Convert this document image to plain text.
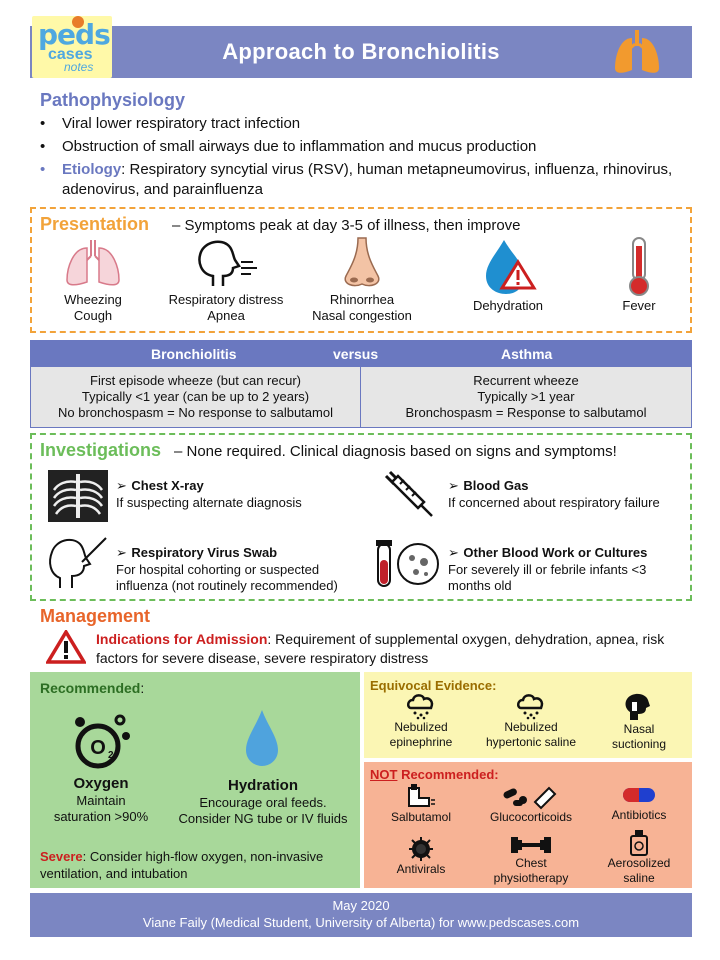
Approach to Bronchiolitis
peds
cases
notes
Pathophysiology
• Viral lower respiratory tract infection
• Obstruction of small airways due to inflammation and mucus production
•	Etiology: Respiratory syncytial virus (RSV), human metapneumovirus, influenza, rhinovirus, adenovirus, and parainfluenza
Presentation – Symptoms peak at day 3-5 of illness, then improve
Wheezing
Cough
Respiratory distress
Apnea
Rhinorrhea
Nasal congestion
Dehydration	Fever
Bronchiolitis	versus	Asthma
First episode wheeze (but can recur)
Typically <1 year (can be up to 2 years)
No bronchospasm = No response to salbutamol
Recurrent wheeze
Typically >1 year
Bronchospasm = Response to salbutamol
Investigations – None required. Clinical diagnosis based on signs and symptoms!
➢ Chest X-ray
If suspecting alternate diagnosis
➢ Blood Gas
If concerned about respiratory failure
➢ Respiratory Virus Swab
For hospital cohorting or suspected influenza (not routinely recommended)
➢ Other Blood Work or Cultures
For severely ill or febrile infants <3 months old
Management
Indications for Admission: Requirement of supplemental oxygen, dehydration, apnea, risk factors for severe disease, severe respiratory distress
Recommended:
O 2
Oxygen
Maintain
saturation >90%
Hydration
Encourage oral feeds.
Consider NG tube or IV fluids
Severe: Consider high-flow oxygen, non-invasive ventilation, and intubation
Equivocal Evidence:
Nebulized
epinephrine
Nebulized
hypertonic saline
Nasal
suctioning
NOT Recommended:
Salbutamol	Glucocorticoids	Antibiotics
Antivirals	Chest
physiotherapy
Aerosolized
saline
May 2020
Viane Faily (Medical Student, University of Alberta) for www.pedscases.com
